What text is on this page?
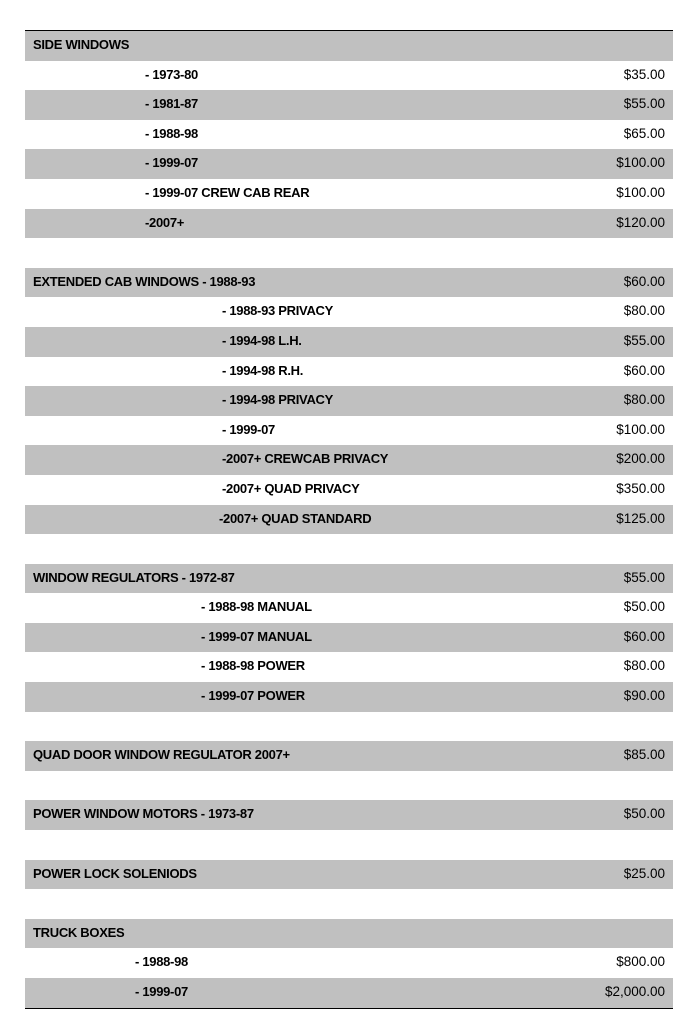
SIDE WINDOWS
- 1973-80	$35.00
- 1981-87	$55.00
- 1988-98	$65.00
- 1999-07	$100.00
- 1999-07 CREW CAB REAR	$100.00
-2007+	$120.00
EXTENDED CAB WINDOWS - 1988-93	$60.00
- 1988-93 PRIVACY	$80.00
- 1994-98 L.H.	$55.00
- 1994-98 R.H.	$60.00
- 1994-98 PRIVACY	$80.00
- 1999-07	$100.00
-2007+ CREWCAB PRIVACY	$200.00
-2007+ QUAD PRIVACY	$350.00
-2007+ QUAD STANDARD	$125.00
WINDOW REGULATORS - 1972-87	$55.00
- 1988-98 MANUAL	$50.00
- 1999-07 MANUAL	$60.00
- 1988-98 POWER	$80.00
- 1999-07 POWER	$90.00
QUAD DOOR WINDOW REGULATOR 2007+	$85.00
POWER WINDOW MOTORS - 1973-87	$50.00
POWER LOCK SOLENIODS	$25.00
TRUCK BOXES
- 1988-98	$800.00
- 1999-07	$2,000.00
